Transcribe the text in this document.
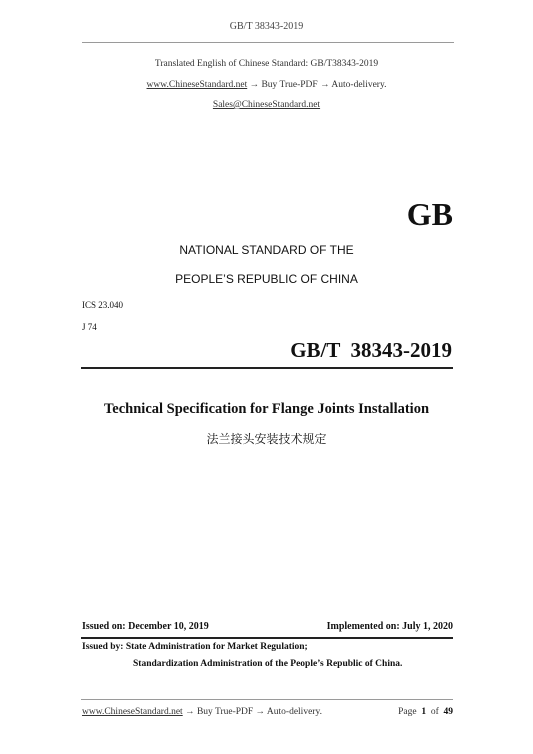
GB/T 38343-2019
Translated English of Chinese Standard: GB/T38343-2019
www.ChineseStandard.net → Buy True-PDF → Auto-delivery.
Sales@ChineseStandard.net
GB
NATIONAL STANDARD OF THE
PEOPLE’S REPUBLIC OF CHINA
ICS 23.040
J 74
GB/T  38343-2019
Technical Specification for Flange Joints Installation
法兰接头安装技术规定
Issued on: December 10, 2019	Implemented on: July 1, 2020
Issued by: State Administration for Market Regulation;
Standardization Administration of the People’s Republic of China.
www.ChineseStandard.net → Buy True-PDF → Auto-delivery.	Page 1 of 49
